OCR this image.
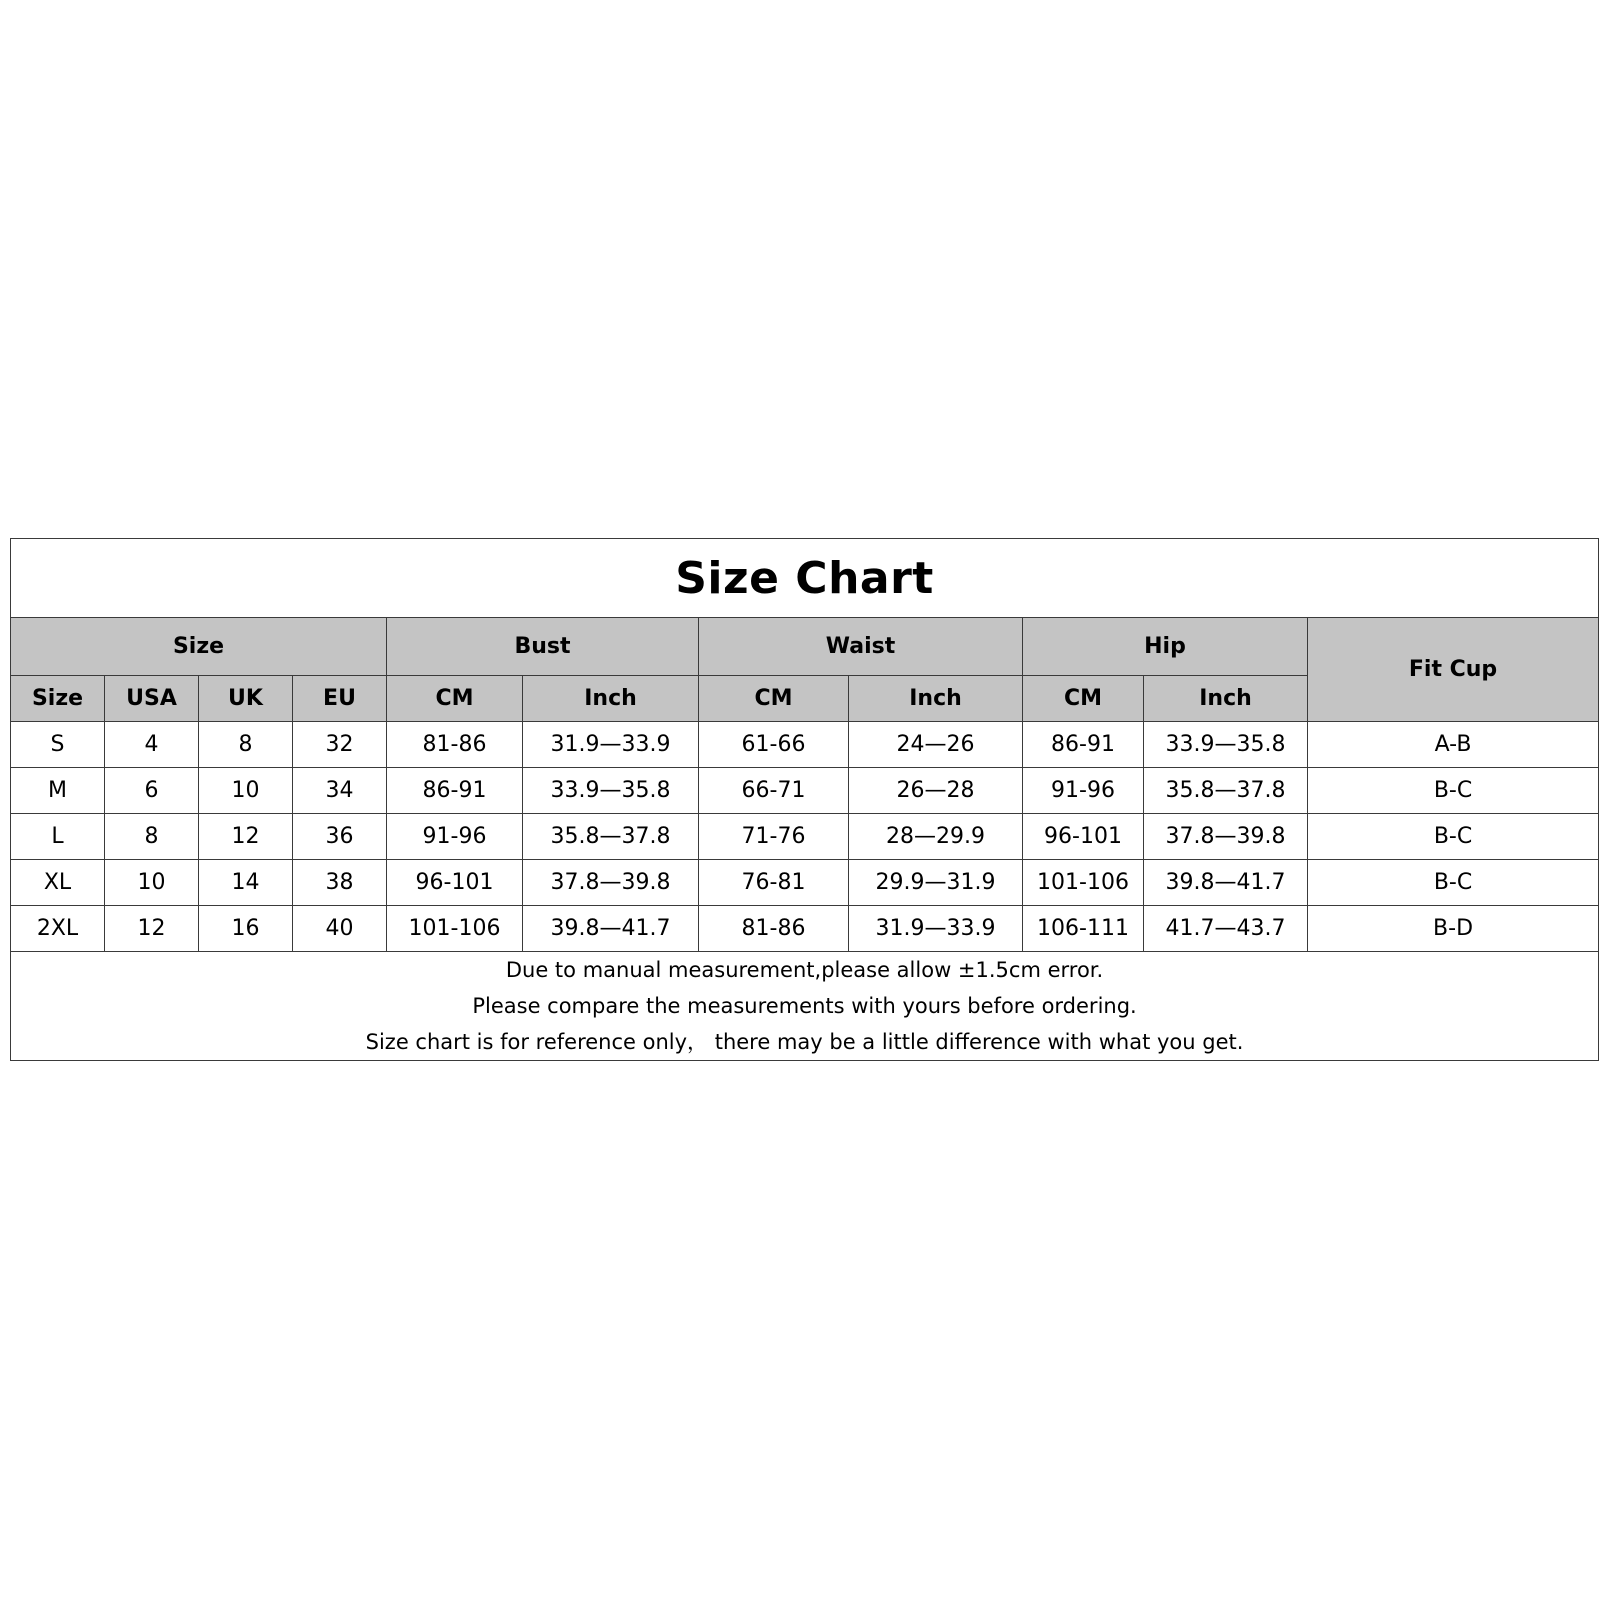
Size Chart										
Size				Bust		Waist		Hip		Fit Cup
Size	USA	UK	EU	CM	Inch	CM	Inch	CM	Inch	
S	4	8	32	81-86	31.9—33.9	61-66	24—26	86-91	33.9—35.8	A-B
M	6	10	34	86-91	33.9—35.8	66-71	26—28	91-96	35.8—37.8	B-C
L	8	12	36	91-96	35.8—37.8	71-76	28—29.9	96-101	37.8—39.8	B-C
XL	10	14	38	96-101	37.8—39.8	76-81	29.9—31.9	101-106	39.8—41.7	B-C
2XL	12	16	40	101-106	39.8—41.7	81-86	31.9—33.9	106-111	41.7—43.7	B-D

Due to manual measurement,please allow ±1.5cm error.
Please compare the measurements with yours before ordering.
Size chart is for reference only， there may be a little difference with what you get.										
